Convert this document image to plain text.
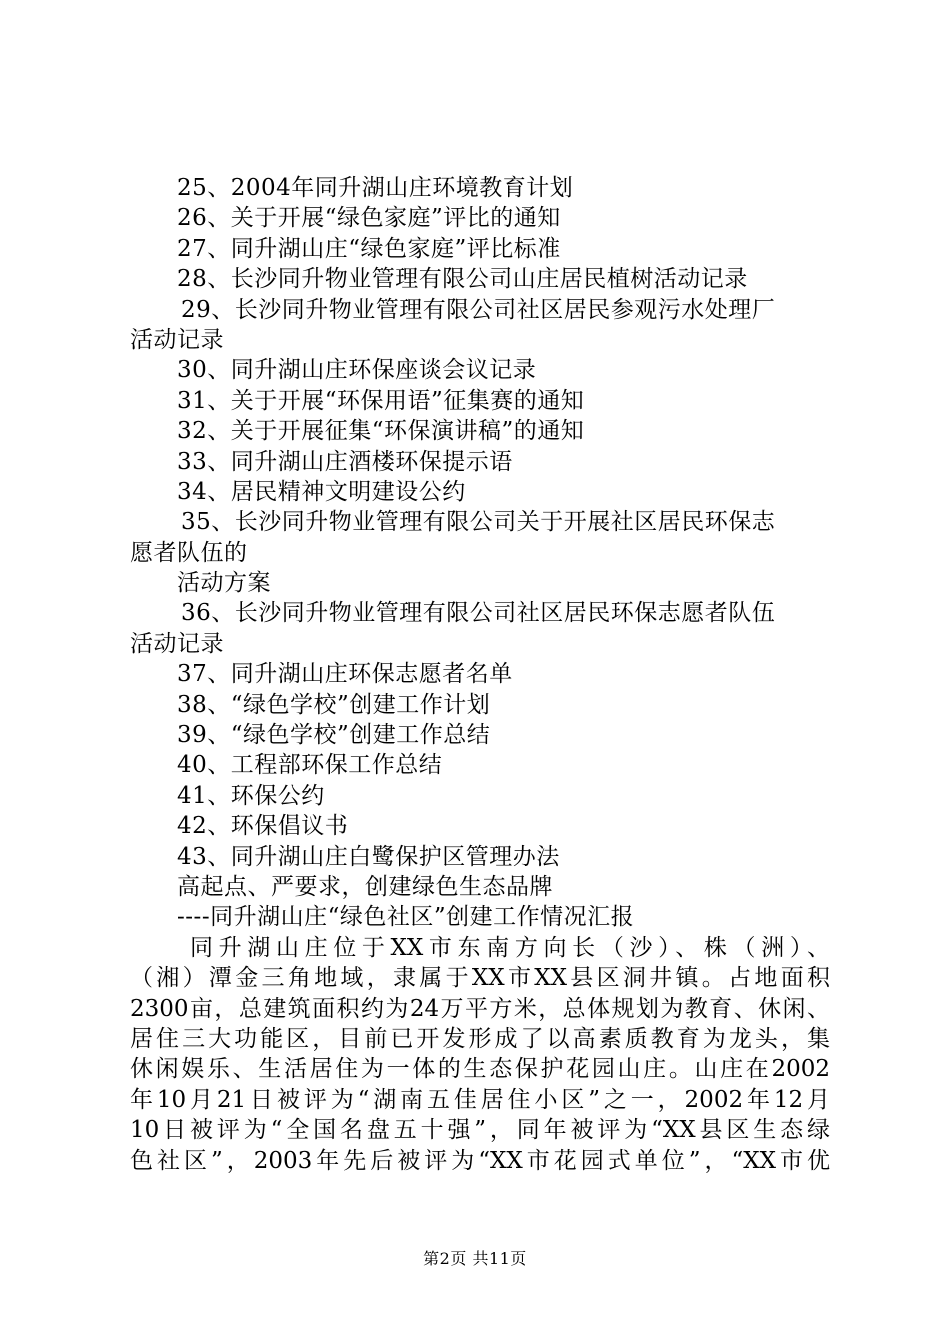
25、2004年同升湖山庄环境教育计划
26、关于开展“绿色家庭”评比的通知
27、同升湖山庄“绿色家庭”评比标准
28、长沙同升物业管理有限公司山庄居民植树活动记录
29、长沙同升物业管理有限公司社区居民参观污水处理厂
活动记录
30、同升湖山庄环保座谈会议记录
31、关于开展“环保用语”征集赛的通知
32、关于开展征集“环保演讲稿”的通知
33、同升湖山庄酒楼环保提示语
34、居民精神文明建设公约
35、长沙同升物业管理有限公司关于开展社区居民环保志
愿者队伍的
活动方案
36、长沙同升物业管理有限公司社区居民环保志愿者队伍
活动记录
37、同升湖山庄环保志愿者名单
38、“绿色学校”创建工作计划
39、“绿色学校”创建工作总结
40、工程部环保工作总结
41、环保公约
42、环保倡议书
43、同升湖山庄白鹭保护区管理办法
高起点、严要求，创建绿色生态品牌
----同升湖山庄“绿色社区”创建工作情况汇报
同升湖山庄位于XX市东南方向长（沙）、株（洲）、
（湘）潭金三角地域，隶属于XX市XX县区洞井镇。占地面积
2300亩，总建筑面积约为24万平方米，总体规划为教育、休闲、
居住三大功能区，目前已开发形成了以高素质教育为龙头，集
休闲娱乐、生活居住为一体的生态保护花园山庄。山庄在2002
年10月21日被评为“湖南五佳居住小区”之一，2002年12月
10日被评为“全国名盘五十强”，同年被评为“XX县区生态绿
色社区”，2003年先后被评为“XX市花园式单位”，“XX市优
第2页 共11页
